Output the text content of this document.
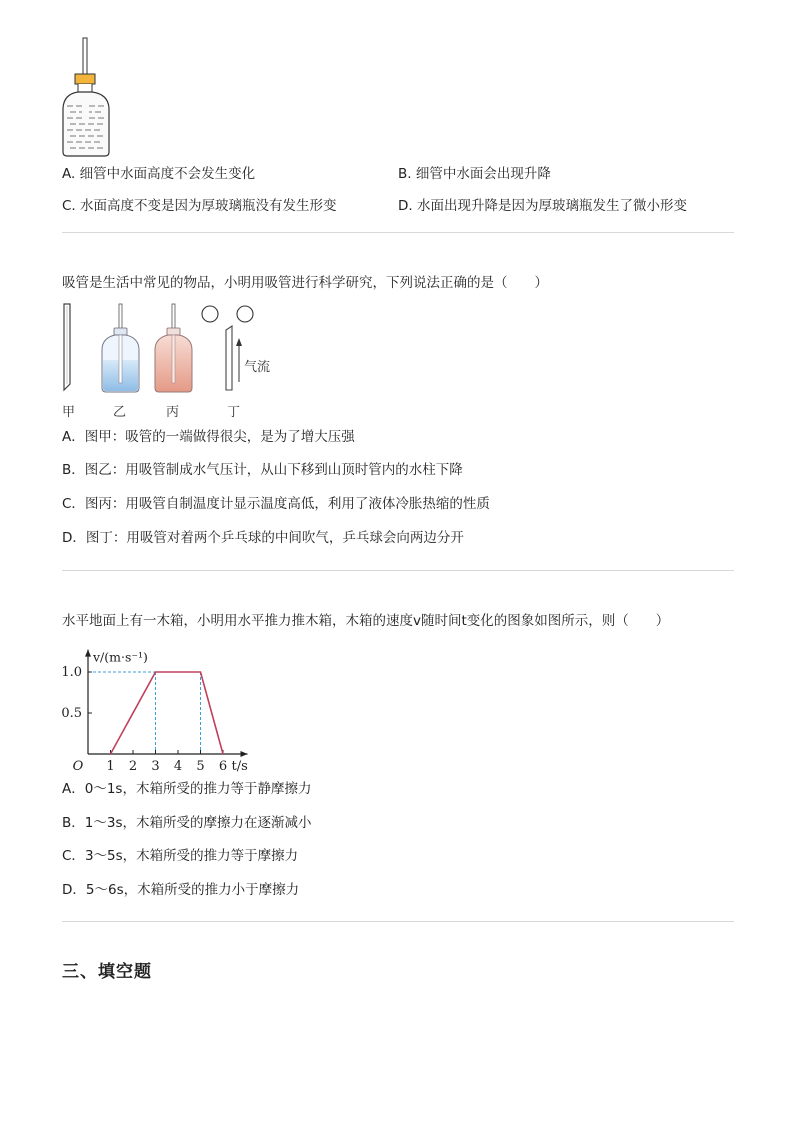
A. 细管中水面高度不会发生变化	B. 细管中水面会出现升降
C. 水面高度不变是因为厚玻璃瓶没有发生形变	D. 水面出现升降是因为厚玻璃瓶发生了微小形变
吸管是生活中常见的物品，小明用吸管进行科学研究，下列说法正确的是（　　）
气流
甲	乙	丙	丁
A．图甲：吸管的一端做得很尖，是为了增大压强
B．图乙：用吸管制成水气压计，从山下移到山顶时管内的水柱下降
C．图丙：用吸管自制温度计显示温度高低，利用了液体冷胀热缩的性质
D．图丁：用吸管对着两个乒乓球的中间吹气，乒乓球会向两边分开
水平地面上有一木箱，小明用水平推力推木箱，木箱的速度v随时间t变化的图象如图所示，则（　　）
1 2 3 4 5 6
0.5
1.0
O	t/s
v/(m·s⁻¹)
A．0～1s，木箱所受的推力等于静摩擦力
B．1～3s，木箱所受的摩擦力在逐渐减小
C．3～5s，木箱所受的推力等于摩擦力
D．5～6s，木箱所受的推力小于摩擦力
三、填空题
